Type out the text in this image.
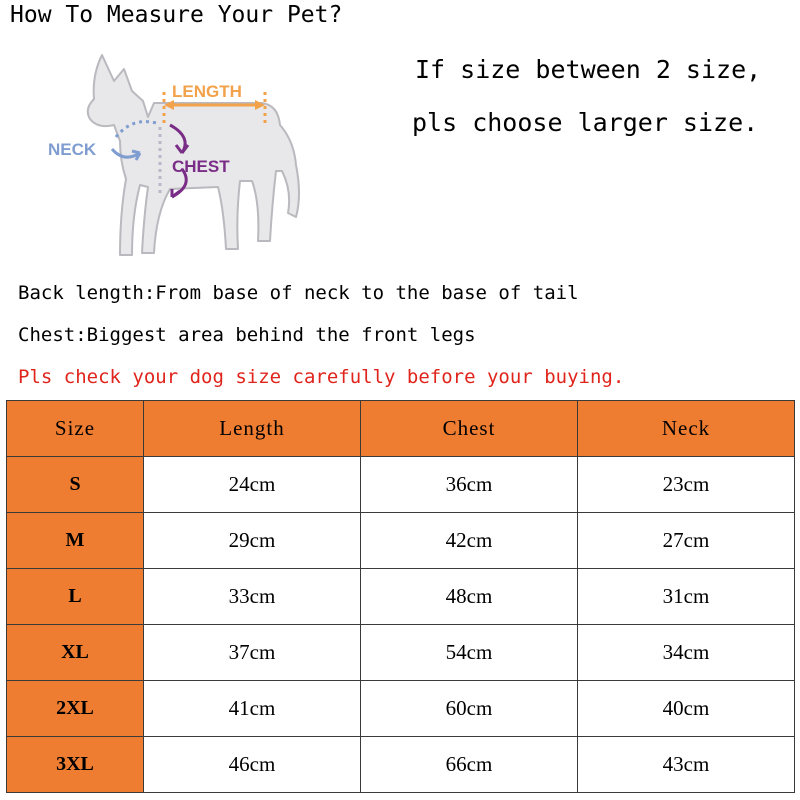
How To Measure Your Pet?
LENGTH
NECK
CHEST
If size between 2 size,
pls choose larger size.
Back length:From base of neck to the base of tail
Chest:Biggest area behind the front legs
Pls check your dog size carefully before your buying.
Size	Length	Chest	Neck
S	24cm	36cm	23cm
M	29cm	42cm	27cm
L	33cm	48cm	31cm
XL	37cm	54cm	34cm
2XL	41cm	60cm	40cm
3XL	46cm	66cm	43cm
